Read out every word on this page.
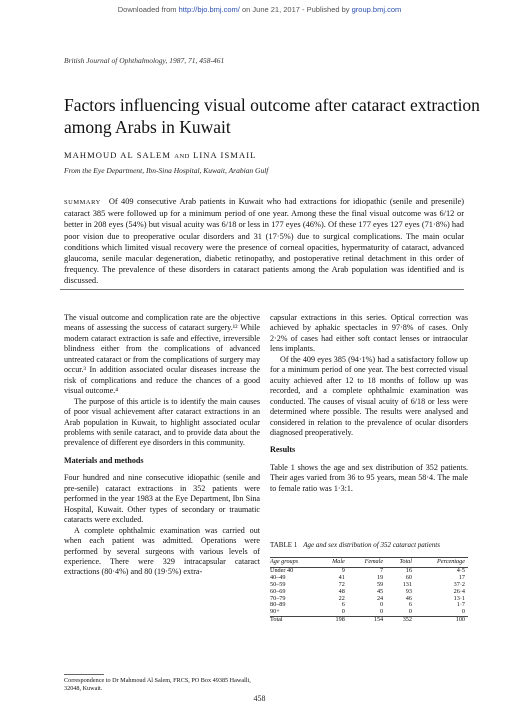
Downloaded from http://bjo.bmj.com/ on June 21, 2017 - Published by group.bmj.com
British Journal of Ophthalmology, 1987, 71, 458-461
Factors influencing visual outcome after cataract extraction among Arabs in Kuwait
MAHMOUD AL SALEM AND LINA ISMAIL
From the Eye Department, Ibn-Sina Hospital, Kuwait, Arabian Gulf
SUMMARY Of 409 consecutive Arab patients in Kuwait who had extractions for idiopathic (senile and presenile) cataract 385 were followed up for a minimum period of one year. Among these the final visual outcome was 6/12 or better in 208 eyes (54%) but visual acuity was 6/18 or less in 177 eyes (46%). Of these 177 eyes 127 eyes (71·8%) had poor vision due to preoperative ocular disorders and 31 (17·5%) due to surgical complications. The main ocular conditions which limited visual recovery were the presence of corneal opacities, hypermaturity of cataract, advanced glaucoma, senile macular degeneration, diabetic retinopathy, and postoperative retinal detachment in this order of frequency. The prevalence of these disorders in cataract patients among the Arab population was identified and is discussed.

The visual outcome and complication rate are the objective means of assessing the success of cataract surgery.¹² While modern cataract extraction is safe and effective, irreversible blindness either from the complications of advanced untreated cataract or from the complications of surgery may occur.³ In addition associated ocular diseases increase the risk of complications and reduce the chances of a good visual outcome.⁴

The purpose of this article is to identify the main causes of poor visual achievement after cataract extractions in an Arab population in Kuwait, to highlight associated ocular problems with senile cataract, and to provide data about the prevalence of different eye disorders in this community.

Materials and methods

Four hundred and nine consecutive idiopathic (senile and pre-senile) cataract extractions in 352 patients were performed in the year 1983 at the Eye Department, Ibn Sina Hospital, Kuwait. Other types of secondary or traumatic cataracts were excluded.

A complete ophthalmic examination was carried out when each patient was admitted. Operations were performed by several surgeons with various levels of experience. There were 329 intracapsular cataract extractions (80·4%) and 80 (19·5%) extra-

capsular extractions in this series. Optical correction was achieved by aphakic spectacles in 97·8% of cases. Only 2·2% of cases had either soft contact lenses or intraocular lens implants.

Of the 409 eyes 385 (94·1%) had a satisfactory follow up for a minimum period of one year. The best corrected visual acuity achieved after 12 to 18 months of follow up was recorded, and a complete ophthalmic examination was conducted. The causes of visual acuity of 6/18 or less were determined where possible. The results were analysed and considered in relation to the prevalence of ocular disorders diagnosed preoperatively.

Results

Table 1 shows the age and sex distribution of 352 patients. Their ages varied from 36 to 95 years, mean 58·4. The male to female ratio was 1·3:1.

TABLE 1 Age and sex distribution of 352 cataract patients
Age groups	Male	Female	Total	Percentage
Under 40	9	7	16	4·5
40–49	41	19	60	17
50–59	72	59	131	37·2
60–69	48	45	93	26·4
70–79	22	24	46	13·1
80–89	6	0	6	1·7
90+	0	0	0	0
Total	198	154	352	100
Correspondence to Dr Mahmoud Al Salem, FRCS, PO Box 49385 Hawalli, 32048, Kuwait.
458
